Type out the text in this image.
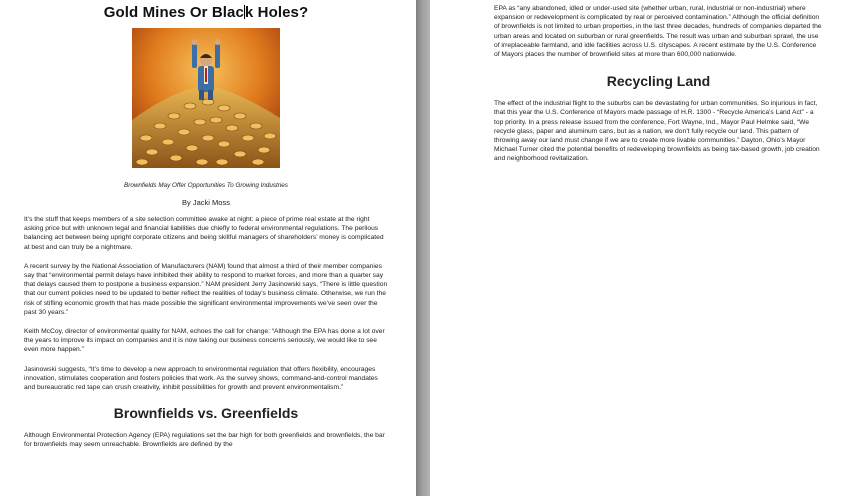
Gold Mines Or Black Holes?
Brownfields May Offer Opportunities To Growing Industries
By Jacki Moss

It’s the stuff that keeps members of a site selection committee awake at night: a piece of prime real estate at the right asking price but with unknown legal and financial liabilities due chiefly to federal environmental regulations. The perilous balancing act between being upright corporate citizens and being skillful managers of shareholders’ money is complicated at best and can truly be a nightmare.

A recent survey by the National Association of Manufacturers (NAM) found that almost a third of their member companies say that “environmental permit delays have inhibited their ability to respond to market forces, and more than a quarter say that delays caused them to postpone a business expansion.” NAM president Jerry Jasinowski says, “There is little question that our current policies need to be updated to better reflect the realities of today’s business climate. Otherwise, we run the risk of stifling economic growth that has made possible the significant environmental improvements we’ve seen over the past 30 years.”

Keith McCoy, director of environmental quality for NAM, echoes the call for change: “Although the EPA has done a lot over the years to improve its impact on companies and it is now taking our business concerns seriously, we would like to see even more happen.”

Jasinowski suggests, “It’s time to develop a new approach to environmental regulation that offers flexibility, encourages innovation, stimulates cooperation and fosters policies that work. As the survey shows, command-and-control mandates and bureaucratic red tape can crush creativity, inhibit possibilities for growth and prevent environmentalism.”

Brownfields vs. Greenfields

Although Environmental Protection Agency (EPA) regulations set the bar high for both greenfields and brownfields, the bar for brownfields may seem unreachable. Brownfields are defined by the

EPA as “any abandoned, idled or under-used site (whether urban, rural, industrial or non-industrial) where expansion or redevelopment is complicated by real or perceived contamination.” Although the official definition of brownfields is not limited to urban properties, in the last three decades, hundreds of companies departed the urban areas and located on suburban or rural greenfields. The result was urban and suburban sprawl, the use of irreplaceable farmland, and idle facilities across U.S. cityscapes. A recent estimate by the U.S. Conference of Mayors places the number of brownfield sites at more than 600,000 nationwide.

Recycling Land

The effect of the industrial flight to the suburbs can be devastating for urban communities. So injurious in fact, that this year the U.S. Conference of Mayors made passage of H.R. 1300 - “Recycle America’s Land Act” - a top priority. In a press release issued from the conference, Fort Wayne, Ind., Mayor Paul Helmke said, “We recycle glass, paper and aluminum cans, but as a nation, we don’t fully recycle our land. This pattern of throwing away our land must change if we are to create more livable communities.” Dayton, Ohio’s Mayor Michael Turner cited the potential benefits of redeveloping brownfields as being tax-based growth, job creation and neighborhood revitalization.
